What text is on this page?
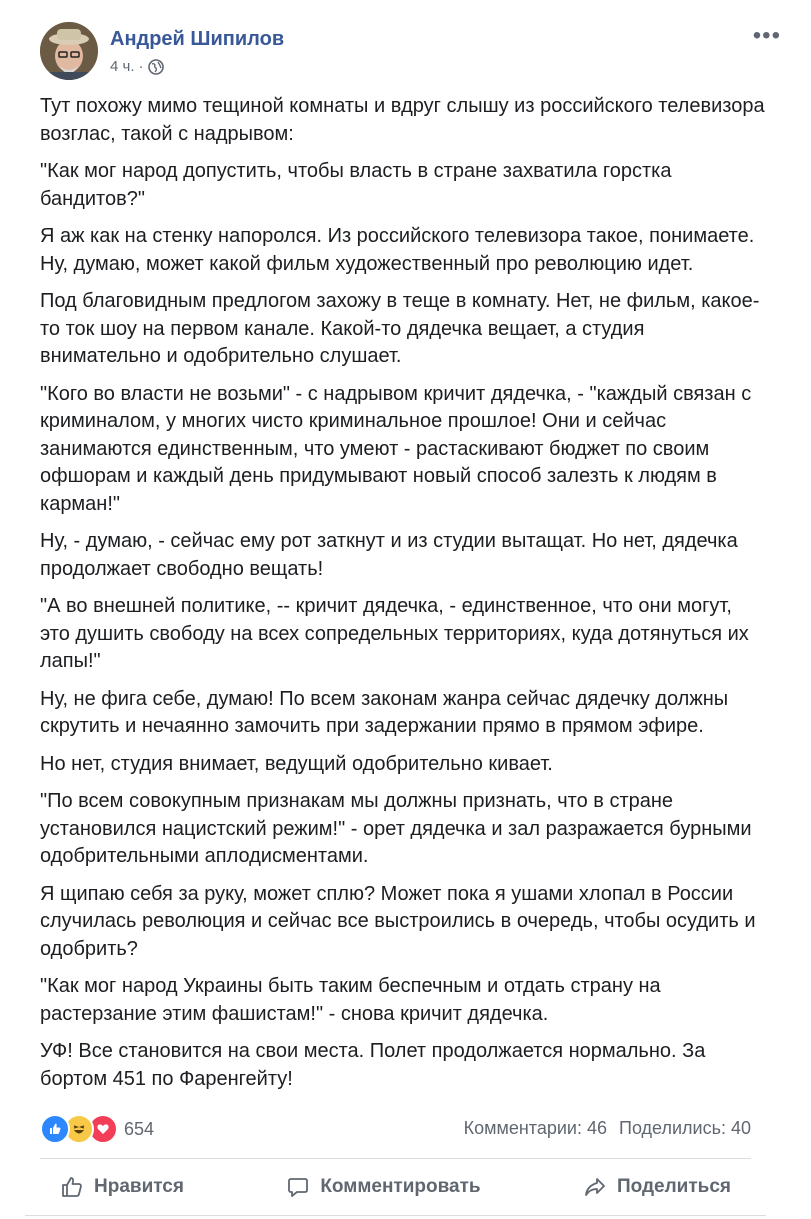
Андрей Шипилов
4 ч. ·
•••

Тут похожу мимо тещиной комнаты и вдруг слышу из российского телевизора возглас, такой с надрывом:

"Как мог народ допустить, чтобы власть в стране захватила горстка бандитов?"

Я аж как на стенку напоролся. Из российского телевизора такое, понимаете. Ну, думаю, может какой фильм художественный про революцию идет.

Под благовидным предлогом захожу в теще в комнату. Нет, не фильм, какое-то ток шоу на первом канале. Какой-то дядечка вещает, а студия внимательно и одобрительно слушает.

"Кого во власти не возьми" - с надрывом кричит дядечка, - "каждый связан с криминалом, у многих чисто криминальное прошлое! Они и сейчас занимаются единственным, что умеют - растаскивают бюджет по своим офшорам и каждый день придумывают новый способ залезть к людям в карман!"

Ну, - думаю, - сейчас ему рот заткнут и из студии вытащат. Но нет, дядечка продолжает свободно вещать!

"А во внешней политике, -- кричит дядечка, - единственное, что они могут, это душить свободу на всех сопредельных территориях, куда дотянуться их лапы!"

Ну, не фига себе, думаю! По всем законам жанра сейчас дядечку должны скрутить и нечаянно замочить при задержании прямо в прямом эфире.

Но нет, студия внимает, ведущий одобрительно кивает.

"По всем совокупным признакам мы должны признать, что в стране установился нацистский режим!" - орет дядечка и зал разражается бурными одобрительными аплодисментами.

Я щипаю себя за руку, может сплю? Может пока я ушами хлопал в России случилась революция и сейчас все выстроились в очередь, чтобы осудить и одобрить?

"Как мог народ Украины быть таким беспечным и отдать страну на растерзание этим фашистам!" - снова кричит дядечка.

УФ! Все становится на свои места. Полет продолжается нормально. За бортом 451 по Фаренгейту!

654	Комментарии: 46 Поделились: 40
Нравится	Комментировать	Поделиться
